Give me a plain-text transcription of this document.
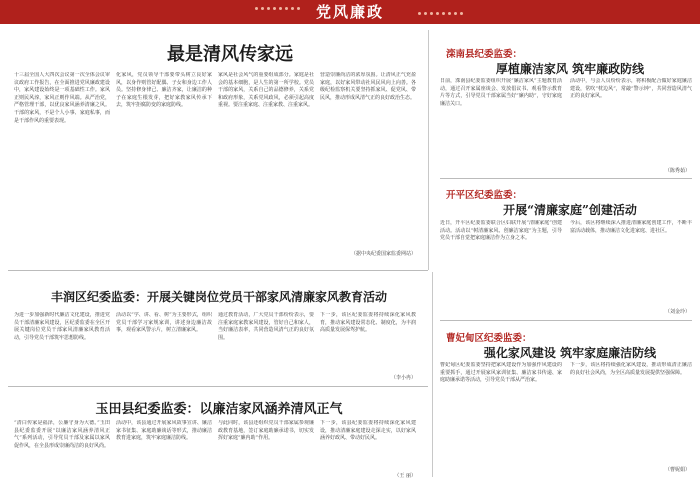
党风廉政
最是清风传家远
十三届全国人大四次会议第一次全体会议审议政府工作报告，在全面推进党风廉政建设中，家风建设始终是一项基础性工作。家风正则民风淳，家风正则作风端。从严治党，严格管理干部，以优良家风涵养清廉之风。干部的家风，不是个人小事、家庭私事，而是干部作风的重要表现。
化家风，党员领导干部要带头树立良好家风，以身作则管好配偶、子女和身边工作人员。坚持修身律己、廉洁齐家，让廉洁的种子在家庭生根发芽，把好家教家风传承下去，筑牢拒腐防变的家庭防线。
家风是社会风气的重要组成部分。家庭是社会的基本细胞，是人生的第一所学校。党员干部的家风，关系自己的品德修养，关系党和政府形象，关系党风政风，必须引起高度重视。要注重家庭、注重家教、注重家风。
营造崇廉尚洁的浓厚氛围。让清风正气充盈家庭，以好家风带动社风民风向上向善。各级纪检监察机关要坚持抓家风、促党风、带民风，推动形成风清气正的良好政治生态。
（据中央纪委国家监委网站）
滦南县纪委监委：
厚植廉洁家风 筑牢廉政防线
日前，滦南县纪委监委组织开展“廉洁家风”主题教育活动，通过召开家属座谈会、发放倡议书、观看警示教育片等方式，引导党员干部家属当好“廉内助”，守好家庭廉洁关口。
活动中，与会人员纷纷表示，将积极配合做好家庭廉洁建设，常吹“枕边风”，常敲“警示钟”，共同营造风清气正的良好家风。
（陈秀茹）
开平区纪委监委：
开展“清廉家庭”创建活动
近日，开平区纪委监委联合区妇联开展“清廉家庭”创建活动。活动以“树清廉家风、创廉洁家庭”为主题，引导党员干部自觉把家庭廉洁作为立身之本。
今后，该区将继续深入推进清廉家庭创建工作，不断丰富活动载体，推动廉洁文化进家庭、进社区。
（刘金玲）
曹妃甸区纪委监委：
强化家风建设 筑牢家庭廉洁防线
曹妃甸区纪委监委坚持把家风建设作为加强作风建设的重要抓手，通过开展家风家训征集、廉洁家书传递、家庭助廉承诺等活动，引导党员干部从严治家。
下一步，该区将持续强化家风建设，推动形成清正廉洁的良好社会风尚，为全区高质量发展提供坚强保障。
（曹妮娟）
丰润区纪委监委：开展关键岗位党员干部家风清廉家风教育活动
为进一步加强新时代廉洁文化建设，推进党员干部清廉家风建设，区纪委监委在全区开展关键岗位党员干部家风清廉家风教育活动，引导党员干部筑牢思想防线。
活动以“学、讲、看、树”为主要形式，组织党员干部学习家规家训，讲述身边廉洁故事，观看家风警示片，树立清廉家风。
通过教育活动，广大党员干部纷纷表示，要注重家庭家教家风建设，管好自己和家人，当好廉洁表率，共同营造风清气正的良好氛围。
下一步，该区纪委监委将持续深化家风教育，推动家风建设常态化、制度化，为丰润高质量发展保驾护航。
（李小冉）
玉田县纪委监委：以廉洁家风涵养清风正气
“清白传家是福泽，公廉守身为大德。”玉田县纪委监委开展“以廉洁家风涵养清风正气”系列活动，引导党员干部及家属以家风促作风，在全县形成崇廉尚洁的良好风尚。
活动中，该县通过开展家风故事宣讲、廉洁家书征集、家庭助廉谈话等形式，推动廉洁教育进家庭，筑牢家庭廉洁防线。
与此同时，该县还组织党员干部家属参观廉政教育基地，签订家庭助廉承诺书，切实发挥好家庭“廉内助”作用。
下一步，该县纪委监委将持续深化家风建设，推动清廉家庭建设走深走实，以好家风涵养好政风、带动好民风。
（王 丽）
